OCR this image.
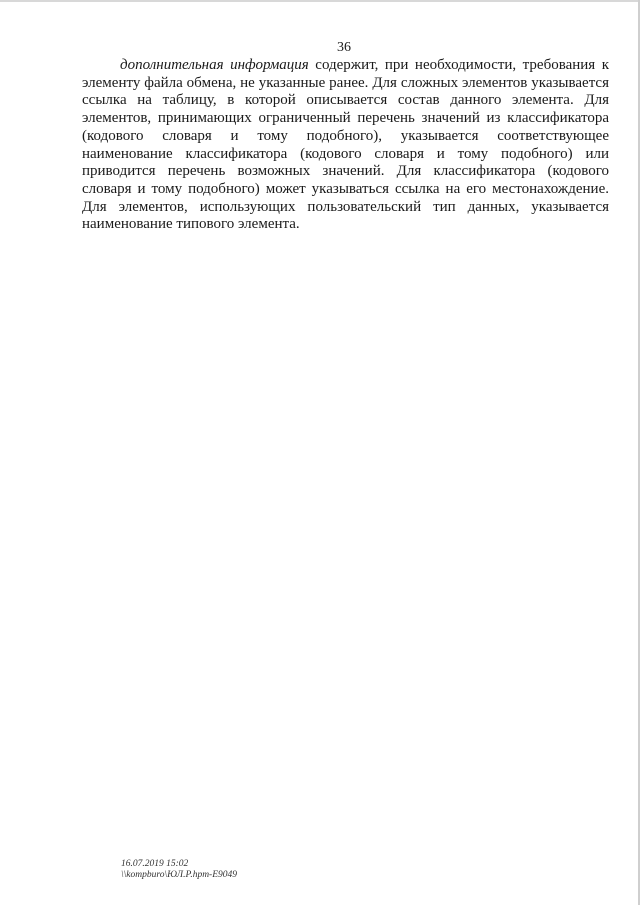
36

дополнительная информация содержит, при необходимости, требования к элементу файла обмена, не указанные ранее. Для сложных элементов указывается ссылка на таблицу, в которой описывается состав данного элемента. Для элементов, принимающих ограниченный перечень значений из классификатора (кодового словаря и тому подобного), указывается соответствующее наименование классификатора (кодового словаря и тому подобного) или приводится перечень возможных значений. Для классификатора (кодового словаря и тому подобного) может указываться ссылка на его местонахождение. Для элементов, использующих пользовательский тип данных, указывается наименование типового элемента.

16.07.2019 15:02
\\kompburo\ЮЛ.Р.hpm-E9049
